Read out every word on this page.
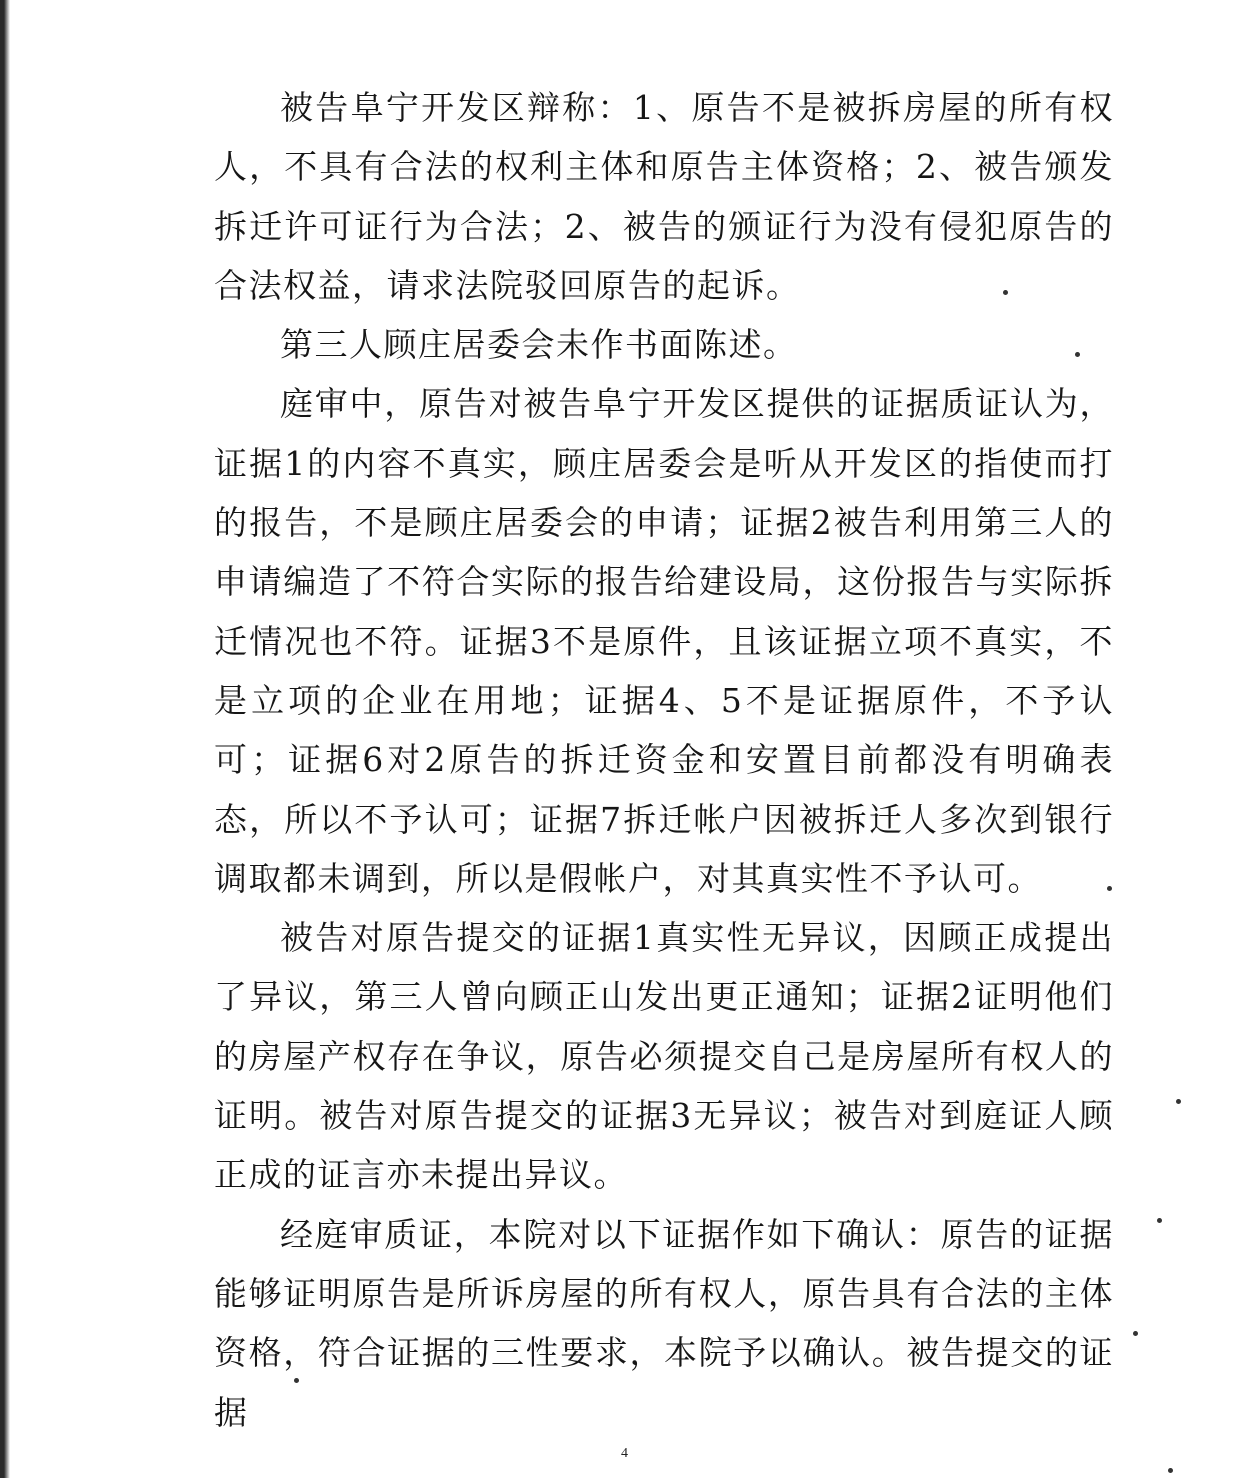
被告阜宁开发区辩称：1、原告不是被拆房屋的所有权人，不具有合法的权利主体和原告主体资格；2、被告颁发拆迁许可证行为合法；2、被告的颁证行为没有侵犯原告的合法权益，请求法院驳回原告的起诉。

第三人顾庄居委会未作书面陈述。

庭审中，原告对被告阜宁开发区提供的证据质证认为，证据1的内容不真实，顾庄居委会是听从开发区的指使而打的报告，不是顾庄居委会的申请；证据2被告利用第三人的申请编造了不符合实际的报告给建设局，这份报告与实际拆迁情况也不符。证据3不是原件，且该证据立项不真实，不是立项的企业在用地；证据4、5不是证据原件，不予认可；证据6对2原告的拆迁资金和安置目前都没有明确表态，所以不予认可；证据7拆迁帐户因被拆迁人多次到银行调取都未调到，所以是假帐户，对其真实性不予认可。

被告对原告提交的证据1真实性无异议，因顾正成提出了异议，第三人曾向顾正山发出更正通知；证据2证明他们的房屋产权存在争议，原告必须提交自己是房屋所有权人的证明。被告对原告提交的证据3无异议；被告对到庭证人顾正成的证言亦未提出异议。

经庭审质证，本院对以下证据作如下确认：原告的证据能够证明原告是所诉房屋的所有权人，原告具有合法的主体资格，符合证据的三性要求，本院予以确认。被告提交的证据

4
